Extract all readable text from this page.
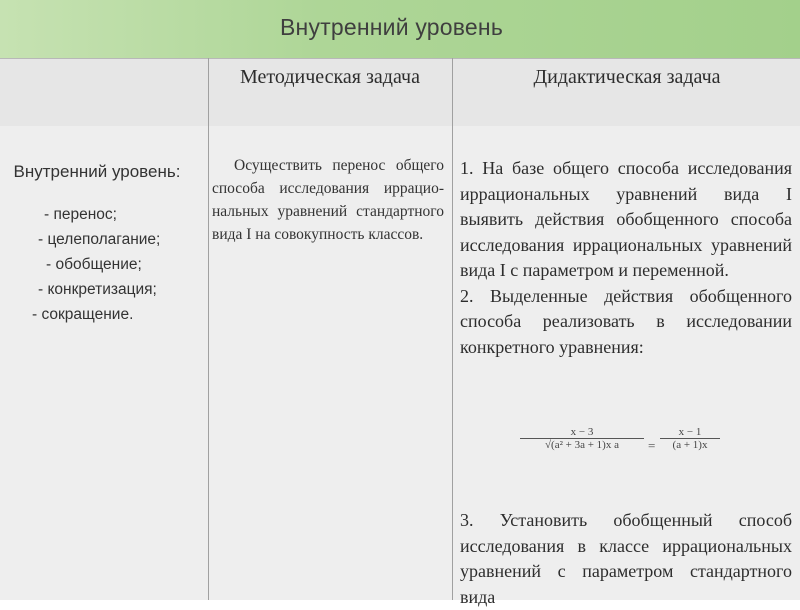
Внутренний уровень
Методическая задача	Дидактическая задача
Внутренний уровень:
- перенос;
- целеполагание;
- обобщение;
- конкретизация;
- сокращение.
Осуществить перенос общего способа исследования иррацио-нальных уравнений стандартного вида I на совокупность классов.

1. На базе общего способа исследования иррациональных уравнений вида I выявить действия обобщенного способа исследования иррациональных уравнений вида I с параметром и переменной.

2. Выделенные действия обобщенного способа реализовать в исследовании конкретного уравнения:

$\frac{x - 3}{\text{√(a² + 3a + 1)x a}} = \frac{x - 1}{(a + 1)x}$
3. Установить обобщенный способ исследования в классе иррациональных уравнений с параметром стандартного вида
